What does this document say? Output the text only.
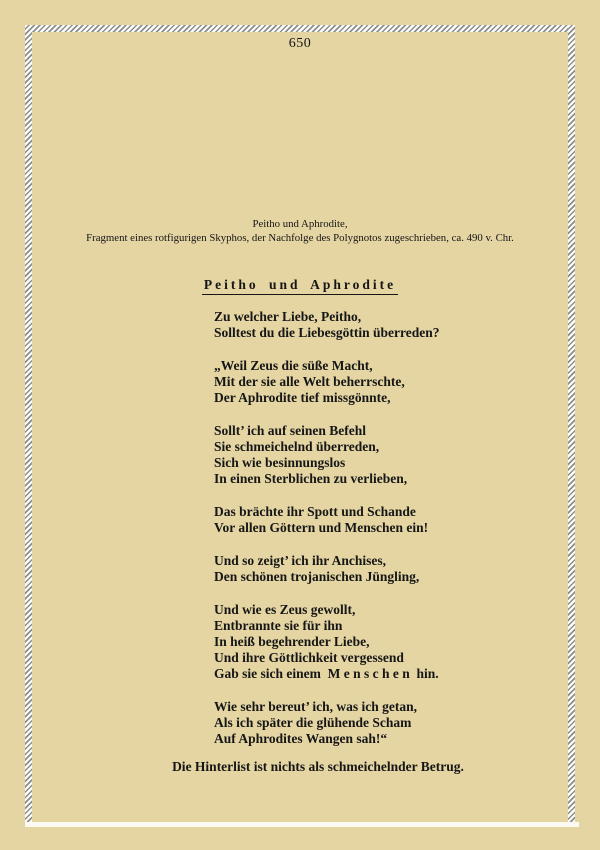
650
Peitho und Aphrodite,
Fragment eines rotfigurigen Skyphos, der Nachfolge des Polygnotos zugeschrieben, ca. 490 v. Chr.
Peitho und Aphrodite
Zu welcher Liebe, Peitho,
Solltest du die Liebesgöttin überreden?
„Weil Zeus die süße Macht,
Mit der sie alle Welt beherrschte,
Der Aphrodite tief missgönnte,
Sollt’ ich auf seinen Befehl
Sie schmeichelnd überreden,
Sich wie besinnungslos
In einen Sterblichen zu verlieben,
Das brächte ihr Spott und Schande
Vor allen Göttern und Menschen ein!
Und so zeigt’ ich ihr Anchises,
Den schönen trojanischen Jüngling,
Und wie es Zeus gewollt,
Entbrannte sie für ihn
In heiß begehrender Liebe,
Und ihre Göttlichkeit vergessend
Gab sie sich einem  M e n s c h e n  hin.
Wie sehr bereut’ ich, was ich getan,
Als ich später die glühende Scham
Auf Aphrodites Wangen sah!“
Die Hinterlist ist nichts als schmeichelnder Betrug.
